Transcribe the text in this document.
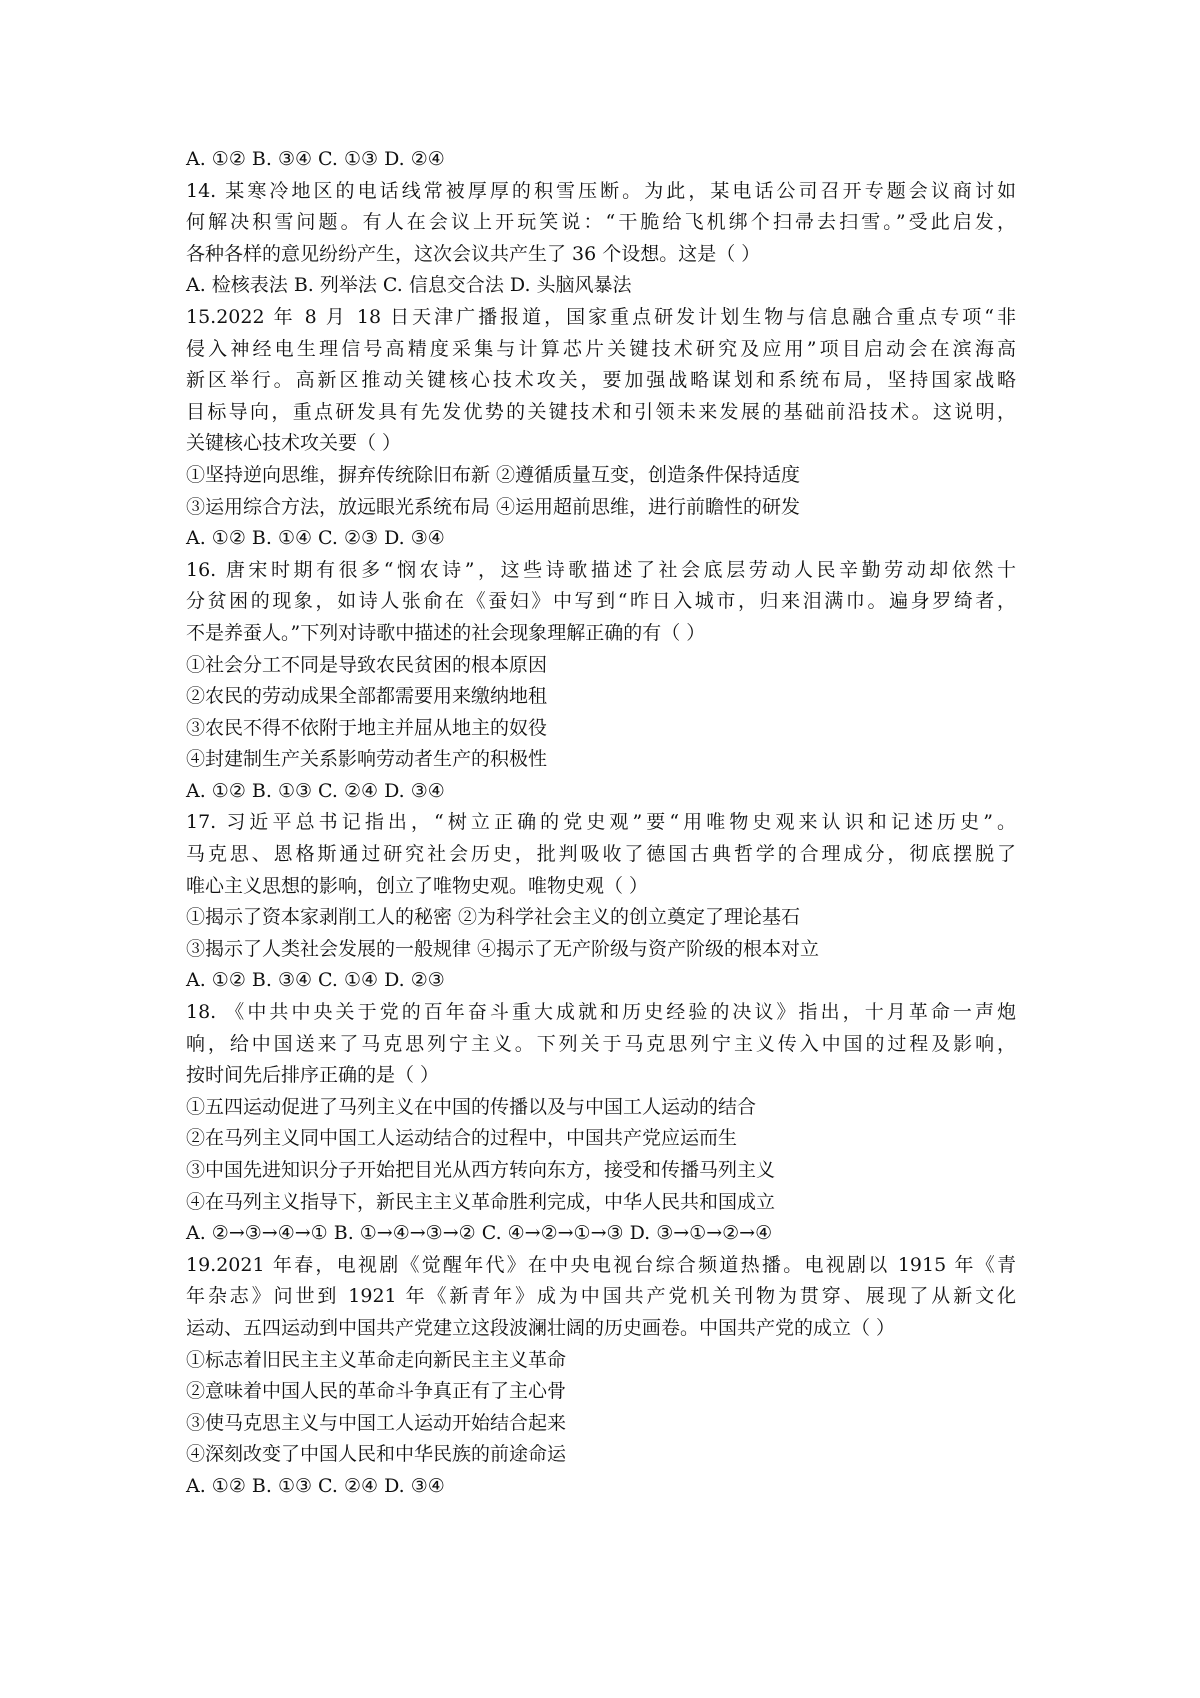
A. ①② B. ③④ C. ①③ D. ②④
14. 某寒冷地区的电话线常被厚厚的积雪压断。为此，某电话公司召开专题会议商讨如
何解决积雪问题。有人在会议上开玩笑说：“干脆给飞机绑个扫帚去扫雪。”受此启发，
各种各样的意见纷纷产生，这次会议共产生了 36 个设想。这是（ ）
A. 检核表法 B. 列举法 C. 信息交合法 D. 头脑风暴法
15.2022 年 8 月 18 日天津广播报道，国家重点研发计划生物与信息融合重点专项“非
侵入神经电生理信号高精度采集与计算芯片关键技术研究及应用”项目启动会在滨海高
新区举行。高新区推动关键核心技术攻关，要加强战略谋划和系统布局，坚持国家战略
目标导向，重点研发具有先发优势的关键技术和引领未来发展的基础前沿技术。这说明，
关键核心技术攻关要（ ）
①坚持逆向思维，摒弃传统除旧布新 ②遵循质量互变，创造条件保持适度
③运用综合方法，放远眼光系统布局 ④运用超前思维，进行前瞻性的研发
A. ①② B. ①④ C. ②③ D. ③④
16. 唐宋时期有很多“悯农诗”，这些诗歌描述了社会底层劳动人民辛勤劳动却依然十
分贫困的现象，如诗人张俞在《蚕妇》中写到“昨日入城市，归来泪满巾。遍身罗绮者，
不是养蚕人。”下列对诗歌中描述的社会现象理解正确的有（ ）
①社会分工不同是导致农民贫困的根本原因
②农民的劳动成果全部都需要用来缴纳地租
③农民不得不依附于地主并屈从地主的奴役
④封建制生产关系影响劳动者生产的积极性
A. ①② B. ①③ C. ②④ D. ③④
17. 习近平总书记指出，“树立正确的党史观”要“用唯物史观来认识和记述历史”。
马克思、恩格斯通过研究社会历史，批判吸收了德国古典哲学的合理成分，彻底摆脱了
唯心主义思想的影响，创立了唯物史观。唯物史观（ ）
①揭示了资本家剥削工人的秘密 ②为科学社会主义的创立奠定了理论基石
③揭示了人类社会发展的一般规律 ④揭示了无产阶级与资产阶级的根本对立
A. ①② B. ③④ C. ①④ D. ②③
18. 《中共中央关于党的百年奋斗重大成就和历史经验的决议》指出，十月革命一声炮
响，给中国送来了马克思列宁主义。下列关于马克思列宁主义传入中国的过程及影响，
按时间先后排序正确的是（ ）
①五四运动促进了马列主义在中国的传播以及与中国工人运动的结合
②在马列主义同中国工人运动结合的过程中，中国共产党应运而生
③中国先进知识分子开始把目光从西方转向东方，接受和传播马列主义
④在马列主义指导下，新民主主义革命胜利完成，中华人民共和国成立
A. ②→③→④→① B. ①→④→③→② C. ④→②→①→③ D. ③→①→②→④
19.2021 年春，电视剧《觉醒年代》在中央电视台综合频道热播。电视剧以 1915 年《青
年杂志》问世到 1921 年《新青年》成为中国共产党机关刊物为贯穿、展现了从新文化
运动、五四运动到中国共产党建立这段波澜壮阔的历史画卷。中国共产党的成立（ ）
①标志着旧民主主义革命走向新民主主义革命
②意味着中国人民的革命斗争真正有了主心骨
③使马克思主义与中国工人运动开始结合起来
④深刻改变了中国人民和中华民族的前途命运
A. ①② B. ①③ C. ②④ D. ③④
